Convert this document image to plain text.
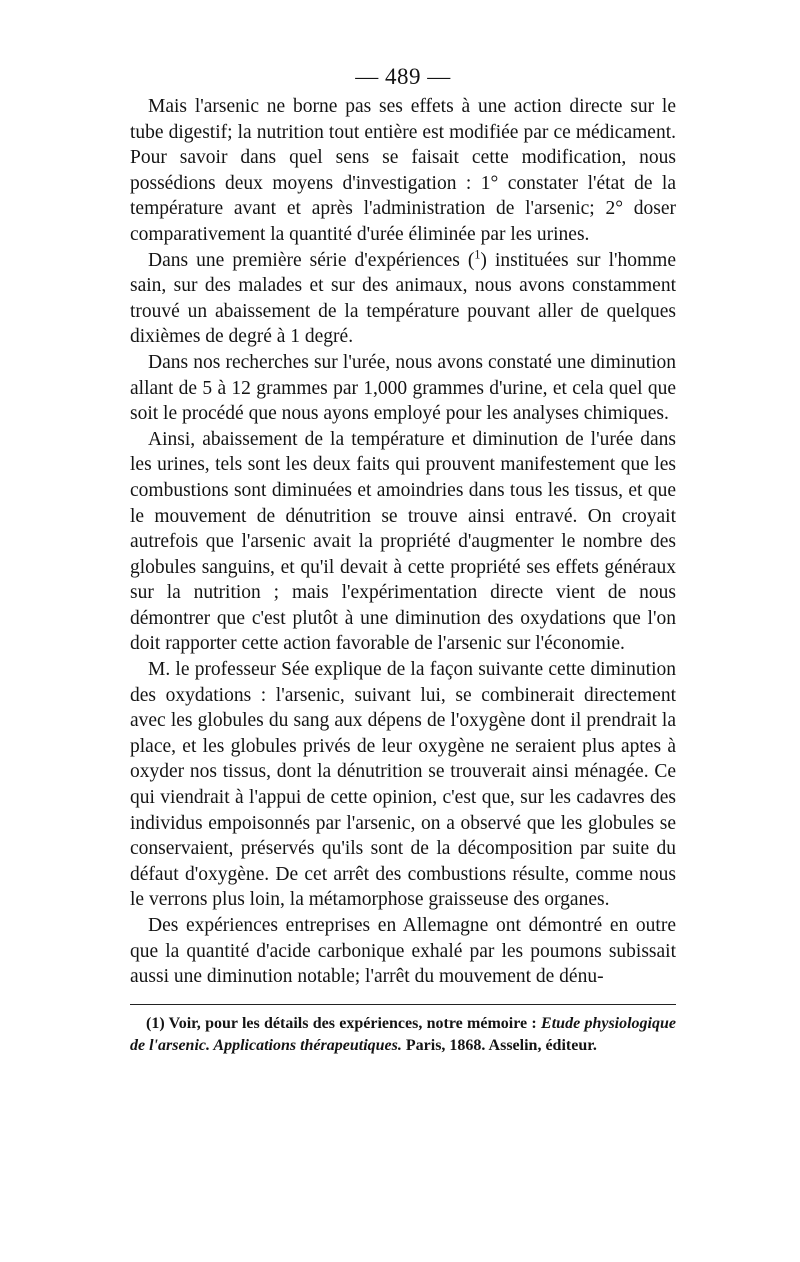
— 489 —

Mais l'arsenic ne borne pas ses effets à une action directe sur le tube digestif; la nutrition tout entière est modifiée par ce médicament. Pour savoir dans quel sens se faisait cette modification, nous possédions deux moyens d'investigation : 1° constater l'état de la température avant et après l'administration de l'arsenic; 2° doser comparativement la quantité d'urée éliminée par les urines.

Dans une première série d'expériences ($^1$) instituées sur l'homme sain, sur des malades et sur des animaux, nous avons constamment trouvé un abaissement de la température pouvant aller de quelques dixièmes de degré à 1 degré.

Dans nos recherches sur l'urée, nous avons constaté une diminution allant de 5 à 12 grammes par 1,000 grammes d'urine, et cela quel que soit le procédé que nous ayons employé pour les analyses chimiques.

Ainsi, abaissement de la température et diminution de l'urée dans les urines, tels sont les deux faits qui prouvent manifestement que les combustions sont diminuées et amoindries dans tous les tissus, et que le mouvement de dénutrition se trouve ainsi entravé. On croyait autrefois que l'arsenic avait la propriété d'augmenter le nombre des globules sanguins, et qu'il devait à cette propriété ses effets généraux sur la nutrition ; mais l'expérimentation directe vient de nous démontrer que c'est plutôt à une diminution des oxydations que l'on doit rapporter cette action favorable de l'arsenic sur l'économie.

M. le professeur Sée explique de la façon suivante cette diminution des oxydations : l'arsenic, suivant lui, se combinerait directement avec les globules du sang aux dépens de l'oxygène dont il prendrait la place, et les globules privés de leur oxygène ne seraient plus aptes à oxyder nos tissus, dont la dénutrition se trouverait ainsi ménagée. Ce qui viendrait à l'appui de cette opinion, c'est que, sur les cadavres des individus empoisonnés par l'arsenic, on a observé que les globules se conservaient, préservés qu'ils sont de la décomposition par suite du défaut d'oxygène. De cet arrêt des combustions résulte, comme nous le verrons plus loin, la métamorphose graisseuse des organes.

Des expériences entreprises en Allemagne ont démontré en outre que la quantité d'acide carbonique exhalé par les poumons subissait aussi une diminution notable; l'arrêt du mouvement de dénu-

(1) Voir, pour les détails des expériences, notre mémoire : Etude physiologique de l'arsenic. Applications thérapeutiques. Paris, 1868. Asselin, éditeur.
